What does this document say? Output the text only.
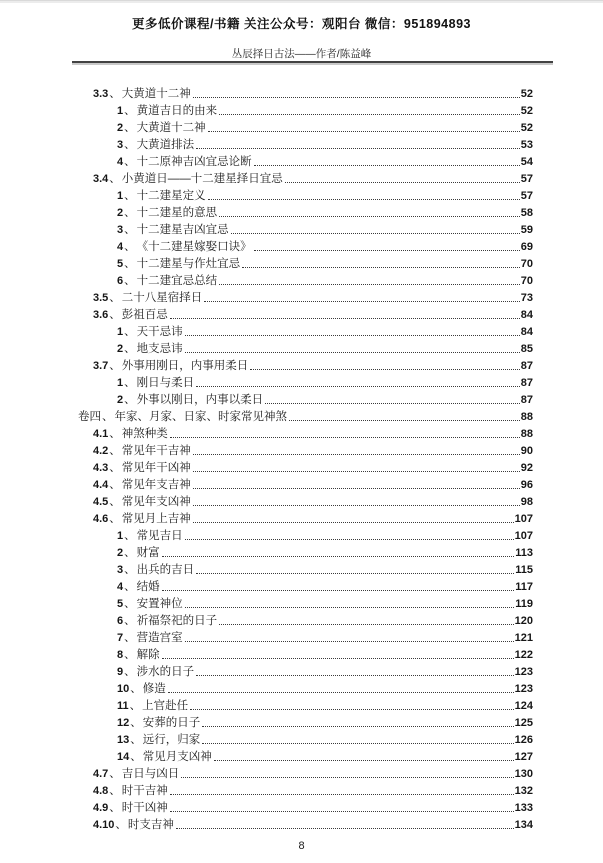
更多低价课程/书籍 关注公众号：观阳台 微信：951894893
丛辰择日古法——作者/陈益峰
3.3 、 大黄道十二神	52
1 、 黄道吉日的由来	52
2 、 大黄道十二神	52
3 、 大黄道排法	53
4 、 十二原神吉凶宜忌论断	54
3.4 、 小黄道日——十二建星择日宜忌	57
1 、 十二建星定义	57
2 、 十二建星的意思	58
3 、 十二建星吉凶宜忌	59
4 、 《十二建星嫁娶口诀》	69
5 、 十二建星与作灶宜忌	70
6 、 十二建宜忌总结	70
3.5 、 二十八星宿择日	73
3.6 、 彭祖百忌	84
1 、 天干忌讳	84
2 、 地支忌讳	85
3.7 、 外事用刚日，内事用柔日	87
1 、 刚日与柔日	87
2 、 外事以刚日，内事以柔日	87
卷四 、 年家、月家、日家、时家常见神煞	88
4.1 、 神煞种类	88
4.2 、 常见年干吉神	90
4.3 、 常见年干凶神	92
4.4 、 常见年支吉神	96
4.5 、 常见年支凶神	98
4.6 、 常见月上吉神	107
1 、 常见吉日	107
2 、 财富	113
3 、 出兵的吉日	115
4 、 结婚	117
5 、 安置神位	119
6 、 祈福祭祀的日子	120
7 、 营造宫室	121
8 、 解除	122
9 、 涉水的日子	123
10 、 修造	123
11 、 上官赴任	124
12 、 安葬的日子	125
13 、 远行，归家	126
14 、 常见月支凶神	127
4.7 、 吉日与凶日	130
4.8 、 时干吉神	132
4.9 、 时干凶神	133
4.10 、 时支吉神	134
8
